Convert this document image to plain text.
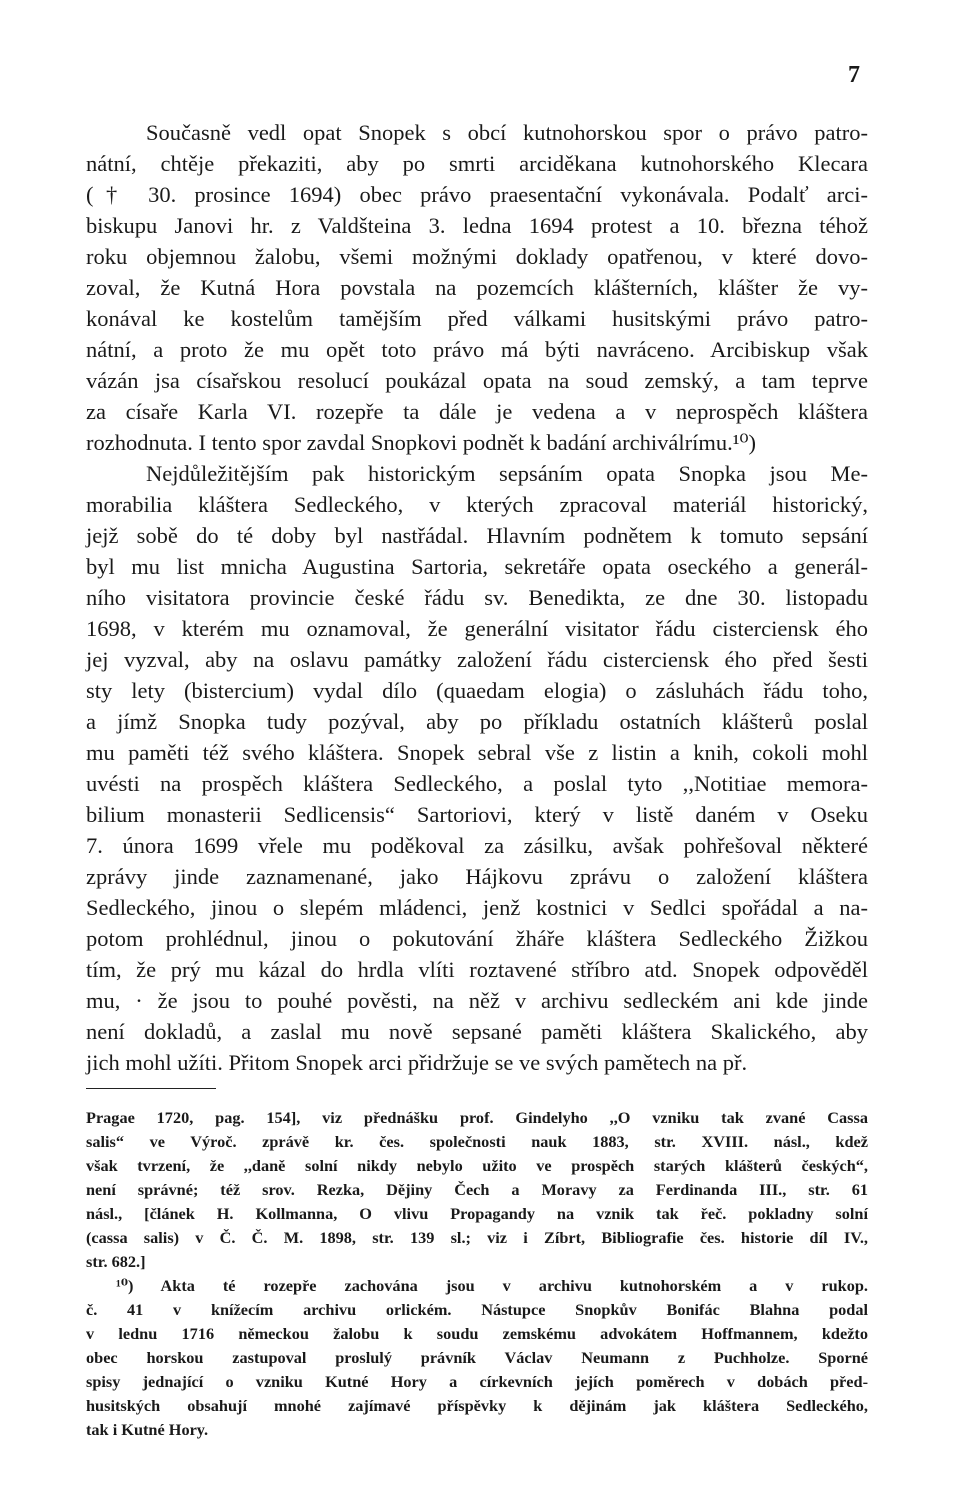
7
Současně vedl opat Snopek s obcí kutnohorskou spor o právo patro-
nátní, chtěje překaziti, aby po smrti arciděkana kutnohorského Klecara
(† 30. prosince 1694) obec právo praesentační vykonávala. Podalť arci-
biskupu Janovi hr. z Valdšteina 3. ledna 1694 protest a 10. března téhož
roku objemnou žalobu, všemi možnými doklady opatřenou, v které dovo-
zoval, že Kutná Hora povstala na pozemcích klášterních, klášter že vy-
konával ke kostelům tamějším před válkami husitskými právo patro-
nátní, a proto že mu opět toto právo má býti navráceno. Arcibiskup však
vázán jsa císařskou resolucí poukázal opata na soud zemský, a tam teprve
za císaře Karla VI. rozepře ta dále je vedena a v neprospěch kláštera
rozhodnuta. I tento spor zavdal Snopkovi podnět k badání archiválrímu.¹⁰)
Nejdůležitějším pak historickým sepsáním opata Snopka jsou Me-
morabilia kláštera Sedleckého, v kterých zpracoval materiál historický,
jejž sobě do té doby byl nastřádal. Hlavním podnětem k tomuto sepsání
byl mu list mnicha Augustina Sartoria, sekretáře opata oseckého a generál-
ního visitatora provincie české řádu sv. Benedikta, ze dne 30. listopadu
1698, v kterém mu oznamoval, že generální visitator řádu cisterciensk ého
jej vyzval, aby na oslavu památky založení řádu cisterciensk ého před šesti
sty lety (bistercium) vydal dílo (quaedam elogia) o zásluhách řádu toho,
a jímž Snopka tudy pozýval, aby po příkladu ostatních klášterů poslal
mu paměti též svého kláštera. Snopek sebral vše z listin a knih, cokoli mohl
uvésti na prospěch kláštera Sedleckého, a poslal tyto ,,Notitiae memora-
bilium monasterii Sedlicensis“ Sartoriovi, který v listě daném v Oseku
7. února 1699 vřele mu poděkoval za zásilku, avšak pohřešoval některé
zprávy jinde zaznamenané, jako Hájkovu zprávu o založení kláštera
Sedleckého, jinou o slepém mládenci, jenž kostnici v Sedlci spořádal a na-
potom prohlédnul, jinou o pokutování žháře kláštera Sedleckého Žižkou
tím, že prý mu kázal do hrdla vlíti roztavené stříbro atd. Snopek odpověděl
mu, · že jsou to pouhé pověsti, na něž v archivu sedleckém ani kde jinde
není dokladů, a zaslal mu nově sepsané paměti kláštera Skalického, aby
jich mohl užíti. Přitom Snopek arci přidržuje se ve svých pamětech na př.
Pragae 1720, pag. 154], viz přednášku prof. Gindelyho ,,O vzniku tak zvané Cassa
salis“ ve Výroč. zprávě kr. čes. společnosti nauk 1883, str. XVIII. násl., kdež
však tvrzení, že ,,daně solní nikdy nebylo užito ve prospěch starých klášterů českých“,
není správné; též srov. Rezka, Dějiny Čech a Moravy za Ferdinanda III., str. 61
násl., [článek H. Kollmanna, O vlivu Propagandy na vznik tak řeč. pokladny solní
(cassa salis) v Č. Č. M. 1898, str. 139 sl.; viz i Zíbrt, Bibliografie čes. historie díl IV.,
str. 682.]
¹⁰) Akta té rozepře zachována jsou v archivu kutnohorském a v rukop.
č. 41 v knížecím archivu orlickém. Nástupce Snopkův Bonifác Blahna podal
v lednu 1716 německou žalobu k soudu zemskému advokátem Hoffmannem, kdežto
obec horskou zastupoval proslulý právník Václav Neumann z Puchholze. Sporné
spisy jednající o vzniku Kutné Hory a církevních jejích poměrech v dobách před-
husitských obsahují mnohé zajímavé příspěvky k dějinám jak kláštera Sedleckého,
tak i Kutné Hory.
